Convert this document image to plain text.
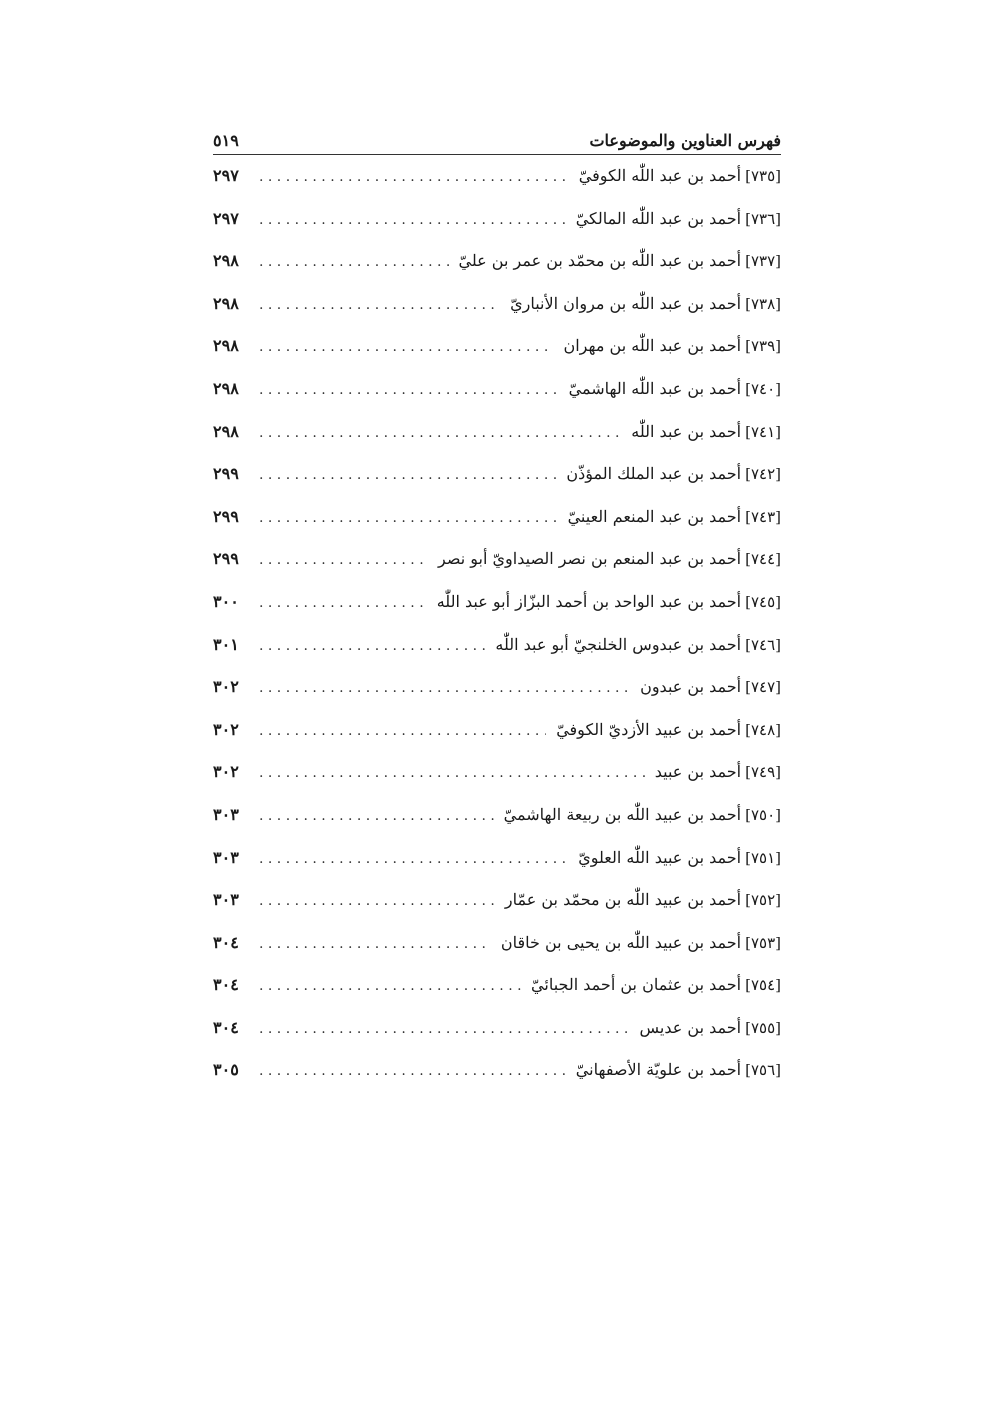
فهرس العناوين والموضوعات
٥١٩
[٧٣٥]
أحمد بن عبد اللّٰه الكوفيّ
. . .
٢٩٧
[٧٣٦]
أحمد بن عبد اللّٰه المالكيّ
. . .
٢٩٧
[٧٣٧]
أحمد بن عبد اللّٰه بن محمّد بن عمر بن عليّ
. . .
٢٩٨
[٧٣٨]
أحمد بن عبد اللّٰه بن مروان الأنباريّ
. . .
٢٩٨
[٧٣٩]
أحمد بن عبد اللّٰه بن مهران
. . .
٢٩٨
[٧٤٠]
أحمد بن عبد اللّٰه الهاشميّ
. . .
٢٩٨
[٧٤١]
أحمد بن عبد اللّٰه
. . .
٢٩٨
[٧٤٢]
أحمد بن عبد الملك المؤذّن
. . .
٢٩٩
[٧٤٣]
أحمد بن عبد المنعم العينيّ
. . .
٢٩٩
[٧٤٤]
أحمد بن عبد المنعم بن نصر الصيداويّ أبو نصر
. . .
٢٩٩
[٧٤٥]
أحمد بن عبد الواحد بن أحمد البزّاز أبو عبد اللّٰه
. . .
٣٠٠
[٧٤٦]
أحمد بن عبدوس الخلنجيّ أبو عبد اللّٰه
. . .
٣٠١
[٧٤٧]
أحمد بن عبدون
. . .
٣٠٢
[٧٤٨]
أحمد بن عبيد الأزديّ الكوفيّ
. . .
٣٠٢
[٧٤٩]
أحمد بن عبيد
. . .
٣٠٢
[٧٥٠]
أحمد بن عبيد اللّٰه بن ربيعة الهاشميّ
. . .
٣٠٣
[٧٥١]
أحمد بن عبيد اللّٰه العلويّ
. . .
٣٠٣
[٧٥٢]
أحمد بن عبيد اللّٰه بن محمّد بن عمّار
. . .
٣٠٣
[٧٥٣]
أحمد بن عبيد اللّٰه بن يحيى بن خاقان
. . .
٣٠٤
[٧٥٤]
أحمد بن عثمان بن أحمد الجبائيّ
. . .
٣٠٤
[٧٥٥]
أحمد بن عديس
. . .
٣٠٤
[٧٥٦]
أحمد بن علويّة الأصفهانيّ
. . .
٣٠٥
